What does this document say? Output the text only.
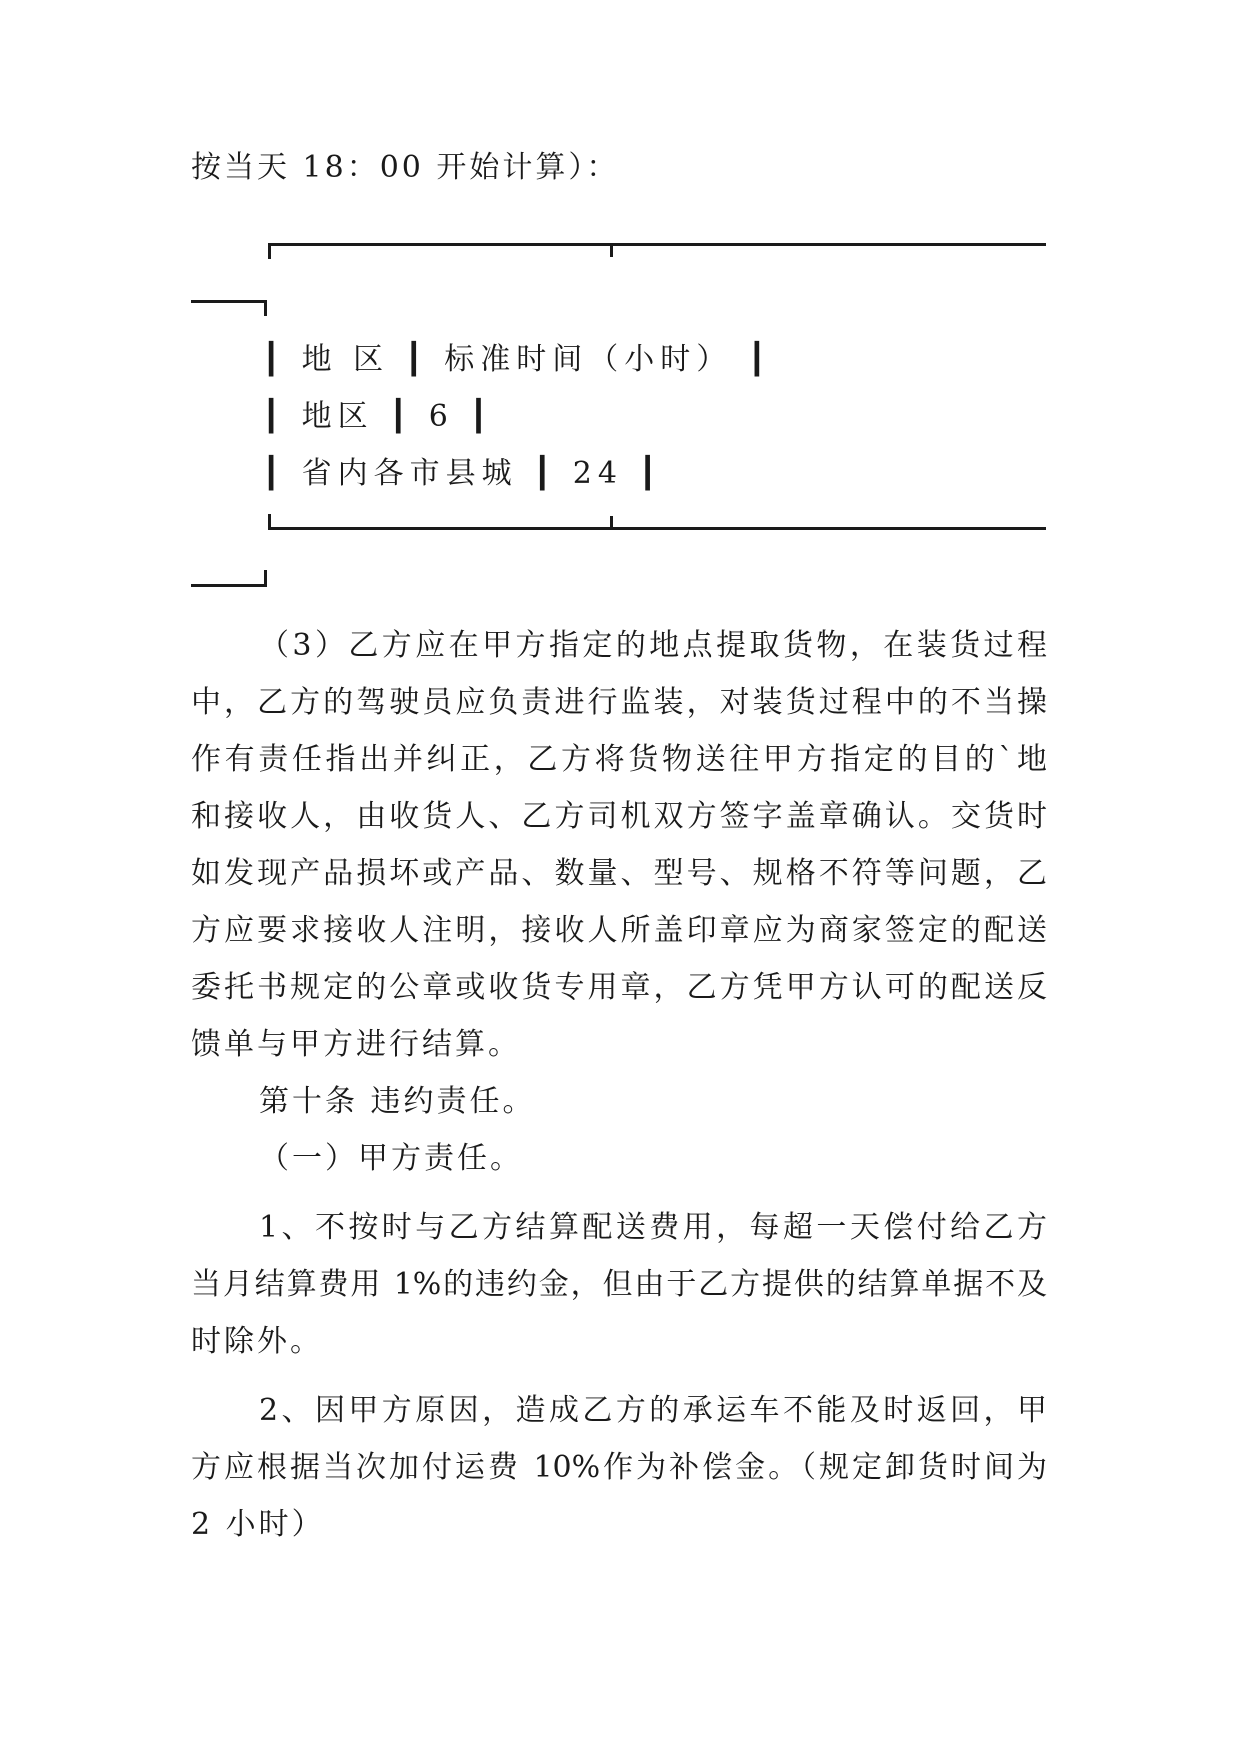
按当天 18：00 开始计算）：
┃ 地 区 ┃ 标准时间（小时） ┃
┃ 地区 ┃ 6 ┃
┃ 省内各市县城 ┃ 24 ┃
（3）乙方应在甲方指定的地点提取货物，在装货过程
中，乙方的驾驶员应负责进行监装，对装货过程中的不当操
作有责任指出并纠正，乙方将货物送往甲方指定的目的`地
和接收人，由收货人、乙方司机双方签字盖章确认。交货时
如发现产品损坏或产品、数量、型号、规格不符等问题，乙
方应要求接收人注明，接收人所盖印章应为商家签定的配送
委托书规定的公章或收货专用章，乙方凭甲方认可的配送反
馈单与甲方进行结算。
第十条 违约责任。
（一）甲方责任。
1、不按时与乙方结算配送费用，每超一天偿付给乙方
当月结算费用 1%的违约金，但由于乙方提供的结算单据不及
时除外。
2、因甲方原因，造成乙方的承运车不能及时返回，甲
方应根据当次加付运费 10%作为补偿金。（规定卸货时间为
2 小时）
